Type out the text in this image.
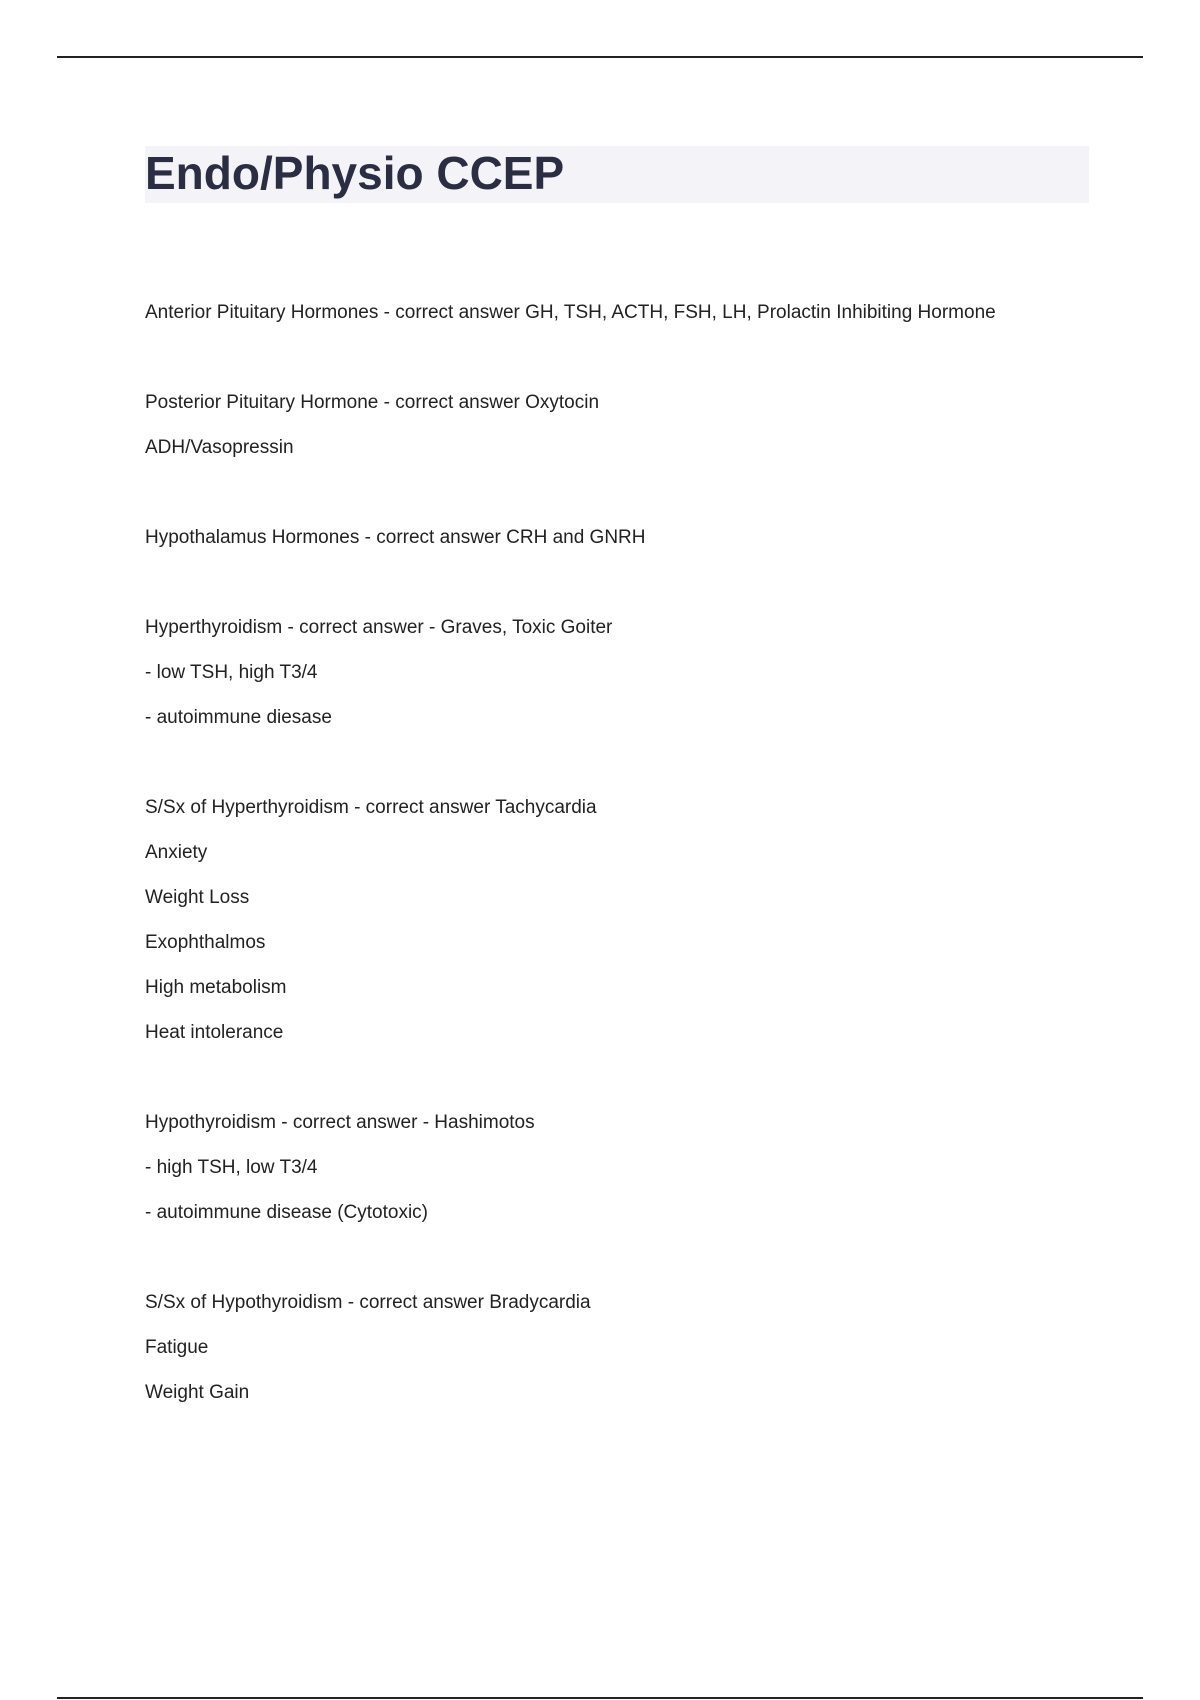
Endo/Physio CCEP
Anterior Pituitary Hormones - correct answer GH, TSH, ACTH, FSH, LH, Prolactin Inhibiting Hormone
Posterior Pituitary Hormone - correct answer Oxytocin
ADH/Vasopressin
Hypothalamus Hormones - correct answer CRH and GNRH
Hyperthyroidism - correct answer - Graves, Toxic Goiter
- low TSH, high T3/4
- autoimmune diesase
S/Sx of Hyperthyroidism - correct answer Tachycardia
Anxiety
Weight Loss
Exophthalmos
High metabolism
Heat intolerance
Hypothyroidism - correct answer - Hashimotos
- high TSH, low T3/4
- autoimmune disease (Cytotoxic)
S/Sx of Hypothyroidism - correct answer Bradycardia
Fatigue
Weight Gain
